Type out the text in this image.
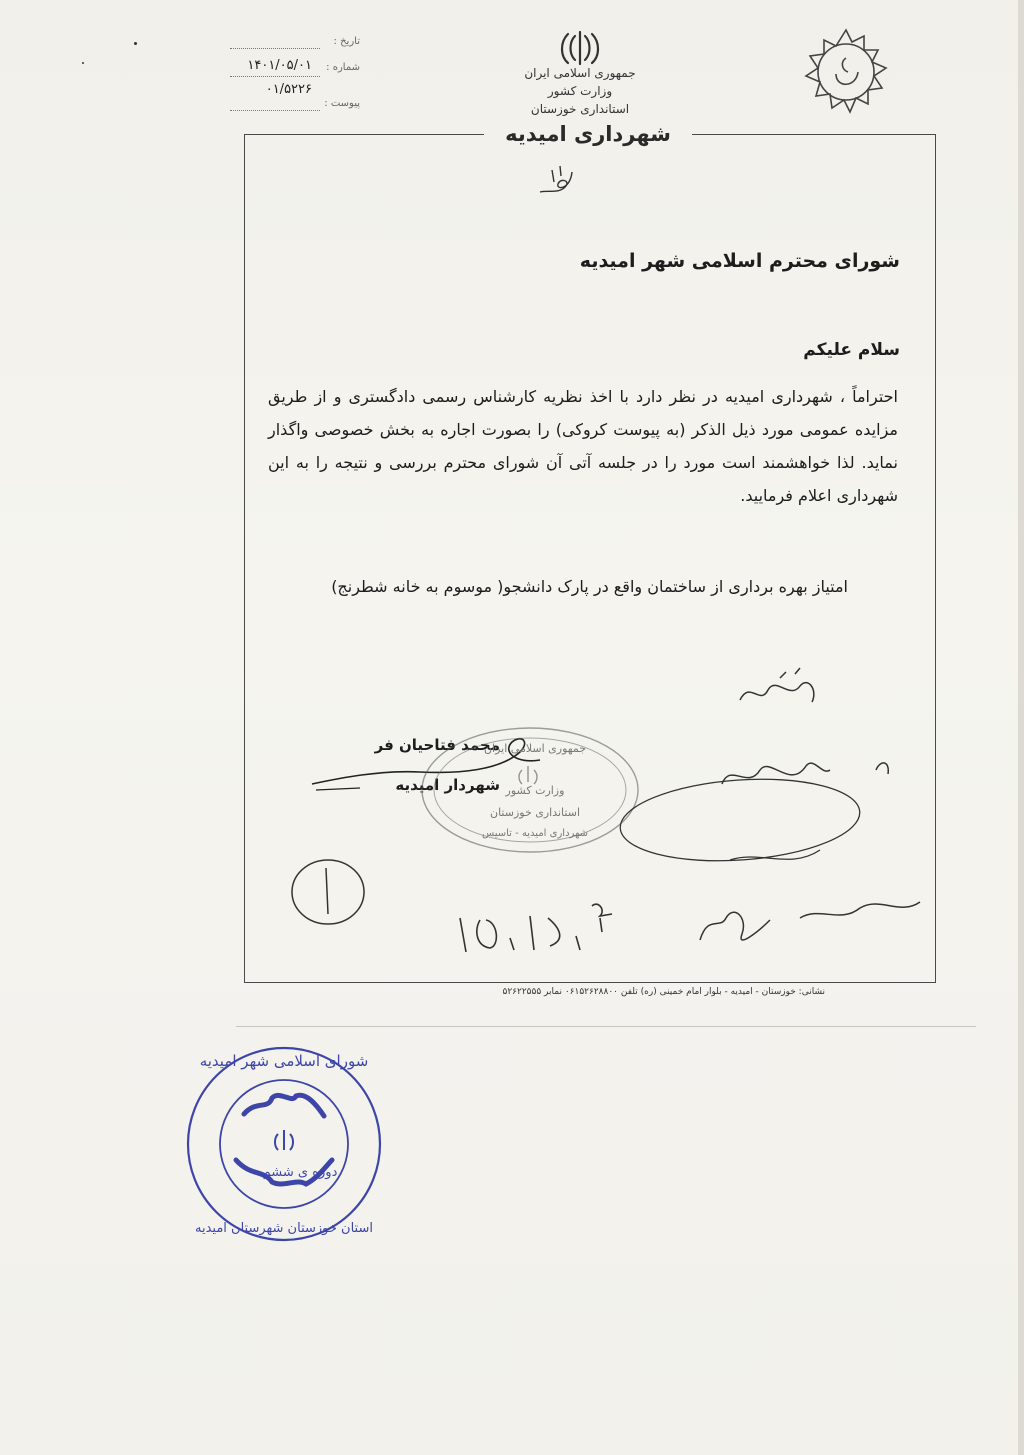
تاریخ :
شماره :
۱۴۰۱/۰۵/۰۱
۰۱/۵۲۲۶
پیوست :
جمهوری اسلامی ایران
وزارت کشور
استانداری خوزستان
شهرداری امیدیه
شورای محترم اسلامی شهر امیدیه
سلام علیکم
احتراماً ، شهرداری امیدیه در نظر دارد با اخذ نظریه کارشناس رسمی دادگستری و از طریق مزایده عمومی مورد ذیل الذکر (به پیوست کروکی) را بصورت اجاره به بخش خصوصی واگذار نماید. لذا خواهشمند است مورد را در جلسه آتی آن شورای محترم بررسی و نتیجه را به این شهرداری اعلام فرمایید.
امتیاز بهره برداری از ساختمان واقع در پارک دانشجو( موسوم به خانه شطرنج)
محمد فتاحیان فر
شهردار امیدیه
شورای اسلامی شهر امیدیه
استان خوزستان شهرستان امیدیه
دوره ی ششم
جمهوری اسلامی ایران
وزارت کشور
استانداری خوزستان
شهرداری امیدیه - تاسیس
نشانی: خوزستان - امیدیه - بلوار امام خمینی (ره) تلفن ۰۶۱۵۲۶۲۸۸۰۰ نمابر ۵۲۶۲۲۵۵۵
